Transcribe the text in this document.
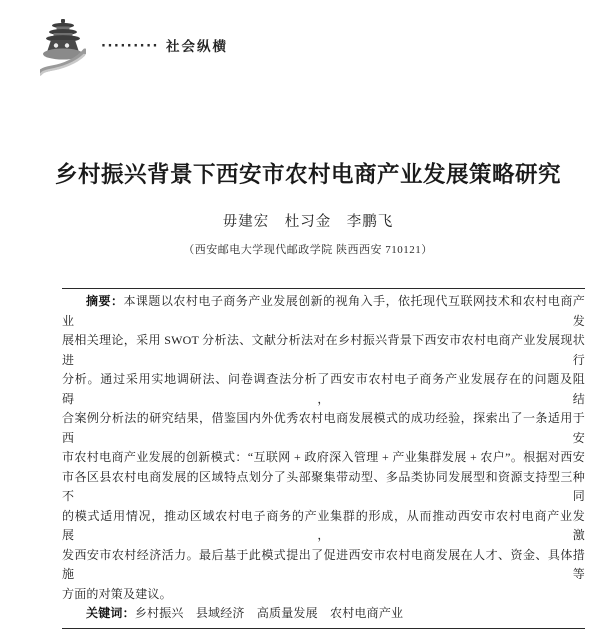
········· 社会纵横
乡村振兴背景下西安市农村电商产业发展策略研究
毋建宏　杜习金　李鹏飞
（西安邮电大学现代邮政学院 陕西西安 710121）

摘要：本课题以农村电子商务产业发展创新的视角入手，依托现代互联网技术和农村电商产业发

展相关理论，采用 SWOT 分析法、文献分析法对在乡村振兴背景下西安市农村电商产业发展现状进行

分析。通过采用实地调研法、问卷调查法分析了西安市农村电子商务产业发展存在的问题及阻碍，结

合案例分析法的研究结果，借鉴国内外优秀农村电商发展模式的成功经验，探索出了一条适用于西安

市农村电商产业发展的创新模式：“互联网 + 政府深入管理 + 产业集群发展 + 农户”。根据对西安

市各区县农村电商发展的区域特点划分了头部聚集带动型、多品类协同发展型和资源支持型三种不同

的模式适用情况，推动区域农村电子商务的产业集群的形成，从而推动西安市农村电商产业发展，激

发西安市农村经济活力。最后基于此模式提出了促进西安市农村电商发展在人才、资金、具体措施等

方面的对策及建议。

关键词：乡村振兴　县域经济　高质量发展　农村电商产业
